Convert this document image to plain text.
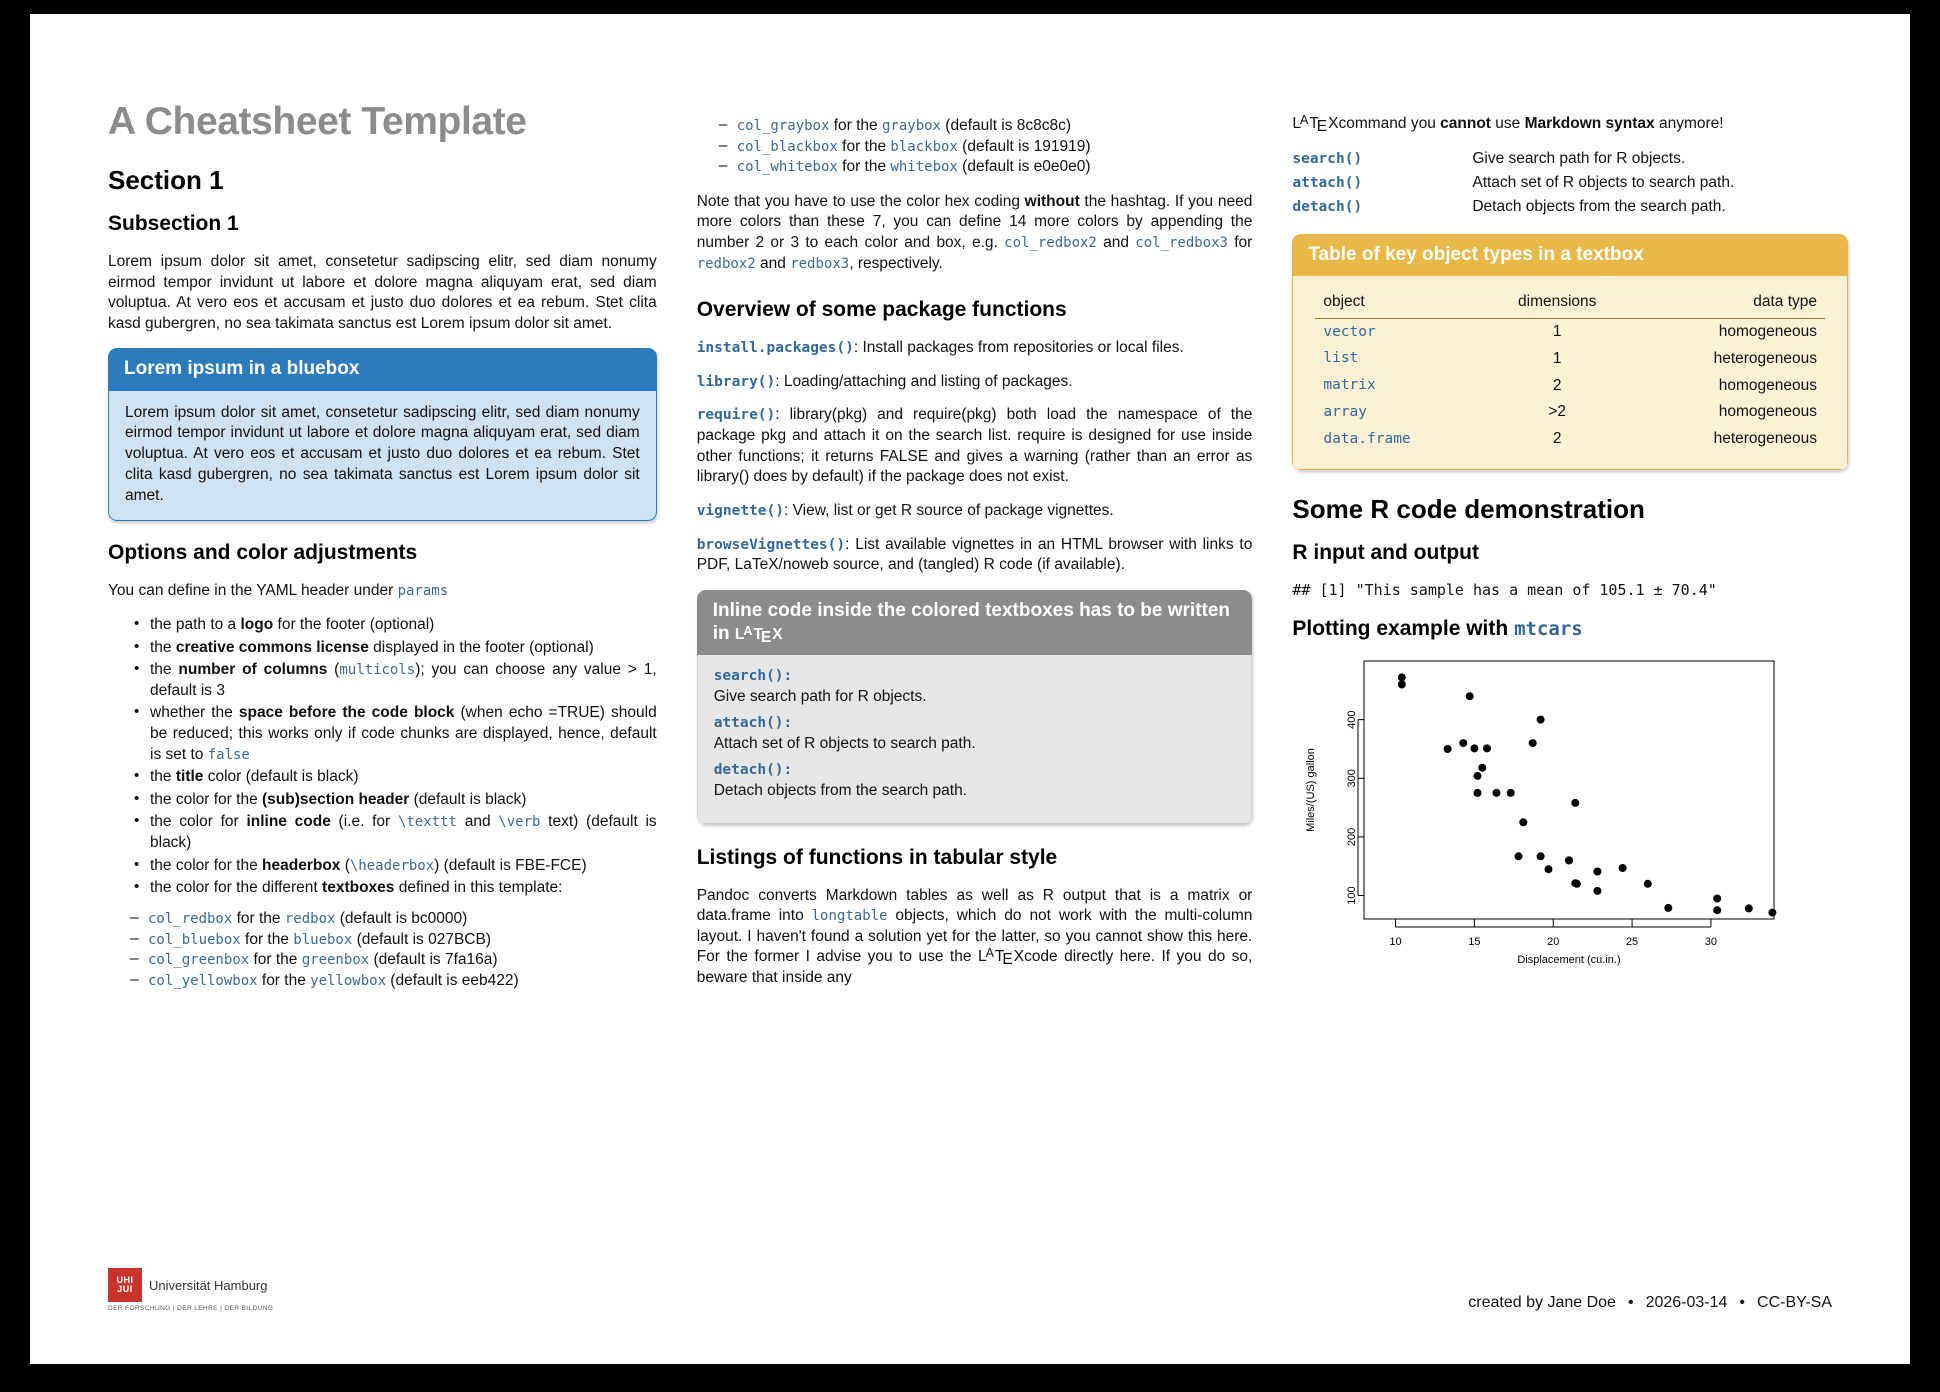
A Cheatsheet Template
Section 1
Subsection 1

Lorem ipsum dolor sit amet, consetetur sadipscing elitr, sed diam nonumy eirmod tempor invidunt ut labore et dolore magna aliquyam erat, sed diam voluptua. At vero eos et accusam et justo duo dolores et ea rebum. Stet clita kasd gubergren, no sea takimata sanctus est Lorem ipsum dolor sit amet.

Lorem ipsum in a bluebox
Lorem ipsum dolor sit amet, consetetur sadipscing elitr, sed diam nonumy eirmod tempor invidunt ut labore et dolore magna aliquyam erat, sed diam voluptua. At vero eos et accusam et justo duo dolores et ea rebum. Stet clita kasd gubergren, no sea takimata sanctus est Lorem ipsum dolor sit amet.
Options and color adjustments

You can define in the YAML header under params

• the path to a logo for the footer (optional)
• the creative commons license displayed in the footer (optional)
• the number of columns (multicols); you can choose any value > 1, default is 3
• whether the space before the code block (when echo =TRUE) should be reduced; this works only if code chunks are displayed, hence, default is set to false
• the title color (default is black)
• the color for the (sub)section header (default is black)
• the color for inline code (i.e. for \texttt and \verb text) (default is black)
• the color for the headerbox (\headerbox) (default is FBE-FCE)
• the color for the different textboxes defined in this template:
– col_redbox for the redbox (default is bc0000)
– col_bluebox for the bluebox (default is 027BCB)
– col_greenbox for the greenbox (default is 7fa16a)
– col_yellowbox for the yellowbox (default is eeb422)
– col_graybox for the graybox (default is 8c8c8c)
– col_blackbox for the blackbox (default is 191919)
– col_whitebox for the whitebox (default is e0e0e0)

Note that you have to use the color hex coding without the hashtag. If you need more colors than these 7, you can define 14 more colors by appending the number 2 or 3 to each color and box, e.g. col_redbox2 and col_redbox3 for redbox2 and redbox3, respectively.

Overview of some package functions

install.packages(): Install packages from repositories or local files.

library(): Loading/attaching and listing of packages.

require(): library(pkg) and require(pkg) both load the namespace of the package pkg and attach it on the search list. require is designed for use inside other functions; it returns FALSE and gives a warning (rather than an error as library() does by default) if the package does not exist.

vignette(): View, list or get R source of package vignettes.

browseVignettes(): List available vignettes in an HTML browser with links to PDF, LaTeX/noweb source, and (tangled) R code (if available).

Inline code inside the colored textboxes has to be written in $L^ATEX$
search():
Give search path for R objects.
attach():
Attach set of R objects to search path.
detach():
Detach objects from the search path.
Listings of functions in tabular style

Pandoc converts Markdown tables as well as R output that is a matrix or data.frame into longtable objects, which do not work with the multi-column layout. I haven't found a solution yet for the latter, so you cannot show this here. For the former I advise you to use the $L^ATEXcode$ directly here. If you do so, beware that inside any

$L^ATEXcommand$ you cannot use Markdown syntax anymore!

search()	Give search path for R objects.
attach()	Attach set of R objects to search path.
detach()	Detach objects from the search path.
Table of key object types in a textbox
object	dimensions	data type
vector	1	homogeneous
list	1	heterogeneous
matrix	2	homogeneous
array	>2	homogeneous
data.frame	2	heterogeneous
Some R code demonstration
R input and output
## [1] "This sample has a mean of 105.1 ± 70.4"
Plotting example with mtcars
100
200
300
400
10	15	20	25	30
Miles/(US) gallon
Displacement (cu.in.)
UHI
JUI Universität Hamburg
DER FORSCHUNG | DER LEHRE | DER BILDUNG	created by Jane Doe • 2026-03-14 • CC-BY-SA
